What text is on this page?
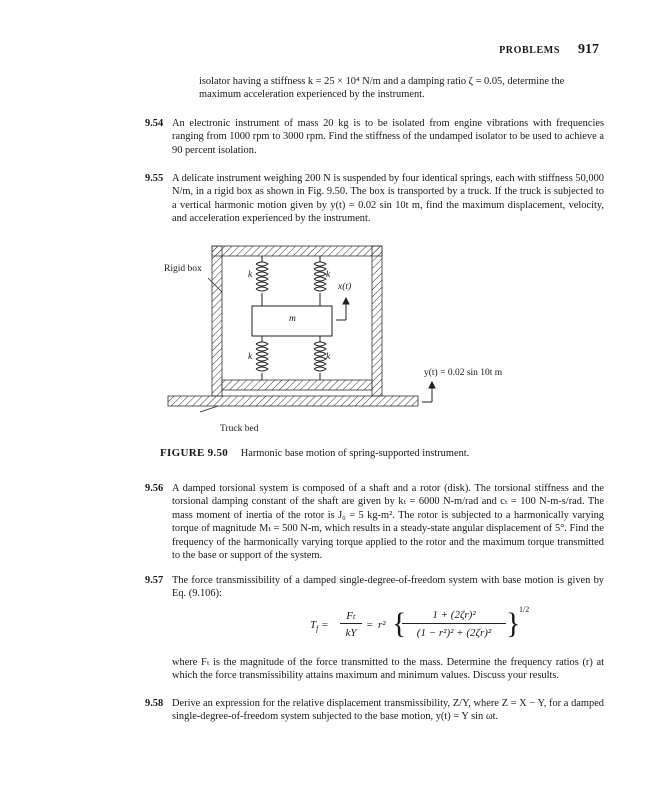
PROBLEMS 917
isolator having a stiffness k = 25 × 10⁴ N/m and a damping ratio ζ = 0.05, determine the
maximum acceleration experienced by the instrument.
9.54 An electronic instrument of mass 20 kg is to be isolated from engine vibrations with frequencies ranging from 1000 rpm to 3000 rpm. Find the stiffness of the undamped isolator to be used to achieve a 90 percent isolation.
9.55 A delicate instrument weighing 200 N is suspended by four identical springs, each with stiffness 50,000 N/m, in a rigid box as shown in Fig. 9.50. The box is transported by a truck. If the truck is subjected to a vertical harmonic motion given by y(t) = 0.02 sin 10t m, find the maximum displacement, velocity, and acceleration experienced by the instrument.
Rigid box
Truck bed
m
k	k
k	k
x(t)
y(t) = 0.02 sin 10t m
FIGURE 9.50 Harmonic base motion of spring-supported instrument.
9.56 A damped torsional system is composed of a shaft and a rotor (disk). The torsional stiffness and the torsional damping constant of the shaft are given by kₜ = 6000 N-m/rad and cₜ = 100 N-m-s/rad. The mass moment of inertia of the rotor is J₀ = 5 kg-m². The rotor is subjected to a harmonically varying torque of magnitude Mₜ = 500 N-m, which results in a steady-state angular displacement of 5°. Find the frequency of the harmonically varying torque applied to the rotor and the maximum torque transmitted to the base or support of the system.
9.57 The force transmissibility of a damped single-degree-of-freedom system with base motion is given by Eq. (9.106):
$T_f$ =
Fₜ
kY
= r² {	1 + (2ζr)²
(1 − r²)² + (2ζr)² }
1/2
where Fₜ is the magnitude of the force transmitted to the mass. Determine the frequency ratios (r) at which the force transmissibility attains maximum and minimum values. Discuss your results.
9.58 Derive an expression for the relative displacement transmissibility, Z/Y, where Z = X − Y, for a damped single-degree-of-freedom system subjected to the base motion, y(t) = Y sin ωt.
